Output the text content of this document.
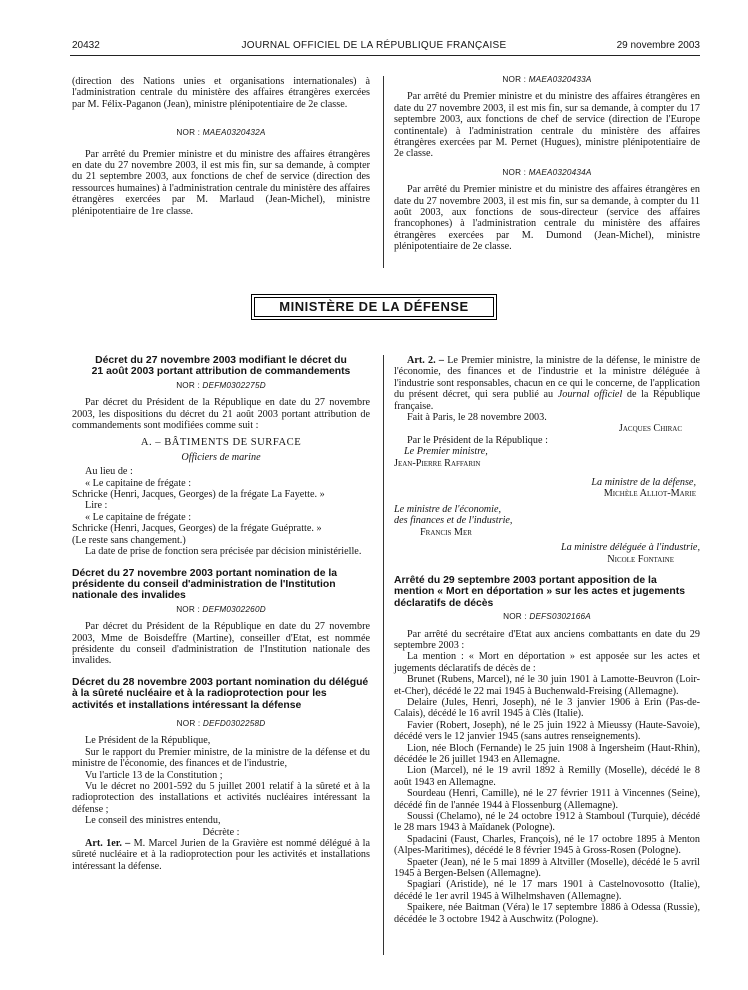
20432	JOURNAL OFFICIEL DE LA RÉPUBLIQUE FRANÇAISE	29 novembre 2003

(direction des Nations unies et organisations internationales) à l'administration centrale du ministère des affaires étrangères exercées par M. Félix-Paganon (Jean), ministre plénipotentiaire de 2e classe.

NOR : MAEA0320432A

Par arrêté du Premier ministre et du ministre des affaires étrangères en date du 27 novembre 2003, il est mis fin, sur sa demande, à compter du 21 septembre 2003, aux fonctions de chef de service (direction des ressources humaines) à l'administration centrale du ministère des affaires étrangères exercées par M. Marlaud (Jean-Michel), ministre plénipotentiaire de 1re classe.

NOR : MAEA0320433A

Par arrêté du Premier ministre et du ministre des affaires étrangères en date du 27 novembre 2003, il est mis fin, sur sa demande, à compter du 17 septembre 2003, aux fonctions de chef de service (direction de l'Europe continentale) à l'administration centrale du ministère des affaires étrangères exercées par M. Pernet (Hugues), ministre plénipotentiaire de 2e classe.

NOR : MAEA0320434A

Par arrêté du Premier ministre et du ministre des affaires étrangères en date du 27 novembre 2003, il est mis fin, sur sa demande, à compter du 11 août 2003, aux fonctions de sous-directeur (service des affaires francophones) à l'administration centrale du ministère des affaires étrangères exercées par M. Dumond (Jean-Michel), ministre plénipotentiaire de 2e classe.

MINISTÈRE DE LA DÉFENSE
Décret du 27 novembre 2003 modifiant le décret du 21 août 2003 portant attribution de commandements
NOR : DEFM0302275D

Par décret du Président de la République en date du 27 novembre 2003, les dispositions du décret du 21 août 2003 portant attribution de commandements sont modifiées comme suit :

A. – BÂTIMENTS DE SURFACE
Officiers de marine

Au lieu de :

« Le capitaine de frégate :

Schricke (Henri, Jacques, Georges) de la frégate La Fayette. »

Lire :

« Le capitaine de frégate :

Schricke (Henri, Jacques, Georges) de la frégate Guépratte. »

(Le reste sans changement.)

La date de prise de fonction sera précisée par décision ministérielle.

Décret du 27 novembre 2003 portant nomination de la présidente du conseil d'administration de l'Institution nationale des invalides
NOR : DEFM0302260D

Par décret du Président de la République en date du 27 novembre 2003, Mme de Boisdeffre (Martine), conseiller d'Etat, est nommée présidente du conseil d'administration de l'Institution nationale des invalides.

Décret du 28 novembre 2003 portant nomination du délégué à la sûreté nucléaire et à la radioprotection pour les activités et installations intéressant la défense
NOR : DEFD0302258D

Le Président de la République,

Sur le rapport du Premier ministre, de la ministre de la défense et du ministre de l'économie, des finances et de l'industrie,

Vu l'article 13 de la Constitution ;

Vu le décret no 2001-592 du 5 juillet 2001 relatif à la sûreté et à la radioprotection des installations et activités nucléaires intéressant la défense ;

Le conseil des ministres entendu,

Décrète :

Art. 1er. – M. Marcel Jurien de la Gravière est nommé délégué à la sûreté nucléaire et à la radioprotection pour les activités et installations intéressant la défense.

Art. 2. – Le Premier ministre, la ministre de la défense, le ministre de l'économie, des finances et de l'industrie et la ministre déléguée à l'industrie sont responsables, chacun en ce qui le concerne, de l'application du présent décret, qui sera publié au Journal officiel de la République française.

Fait à Paris, le 28 novembre 2003.

Jacques Chirac

Par le Président de la République :

Le Premier ministre,

Jean-Pierre Raffarin

La ministre de la défense,

Michèle Alliot-Marie

Le ministre de l'économie,

des finances et de l'industrie,

Francis Mer

La ministre déléguée à l'industrie,

Nicole Fontaine

Arrêté du 29 septembre 2003 portant apposition de la mention « Mort en déportation » sur les actes et jugements déclaratifs de décès
NOR : DEFS0302166A

Par arrêté du secrétaire d'Etat aux anciens combattants en date du 29 septembre 2003 :

La mention : « Mort en déportation » est apposée sur les actes et jugements déclaratifs de décès de :

Brunet (Rubens, Marcel), né le 30 juin 1901 à Lamotte-Beuvron (Loir-et-Cher), décédé le 22 mai 1945 à Buchenwald-Freising (Allemagne).

Delaire (Jules, Henri, Joseph), né le 3 janvier 1906 à Erin (Pas-de-Calais), décédé le 16 avril 1945 à Clès (Italie).

Favier (Robert, Joseph), né le 25 juin 1922 à Mieussy (Haute-Savoie), décédé vers le 12 janvier 1945 (sans autres renseignements).

Lion, née Bloch (Fernande) le 25 juin 1908 à Ingersheim (Haut-Rhin), décédée le 26 juillet 1943 en Allemagne.

Lion (Marcel), né le 19 avril 1892 à Remilly (Moselle), décédé le 8 août 1943 en Allemagne.

Sourdeau (Henri, Camille), né le 27 février 1911 à Vincennes (Seine), décédé fin de l'année 1944 à Flossenburg (Allemagne).

Soussi (Chelamo), né le 24 octobre 1912 à Stamboul (Turquie), décédé le 28 mars 1943 à Maïdanek (Pologne).

Spadacini (Faust, Charles, François), né le 17 octobre 1895 à Menton (Alpes-Maritimes), décédé le 8 février 1945 à Gross-Rosen (Pologne).

Spaeter (Jean), né le 5 mai 1899 à Altviller (Moselle), décédé le 5 avril 1945 à Bergen-Belsen (Allemagne).

Spagiari (Aristide), né le 17 mars 1901 à Castelnovosotto (Italie), décédé le 1er avril 1945 à Wilhelmshaven (Allemagne).

Spaikere, née Baitman (Véra) le 17 septembre 1886 à Odessa (Russie), décédée le 3 octobre 1942 à Auschwitz (Pologne).
